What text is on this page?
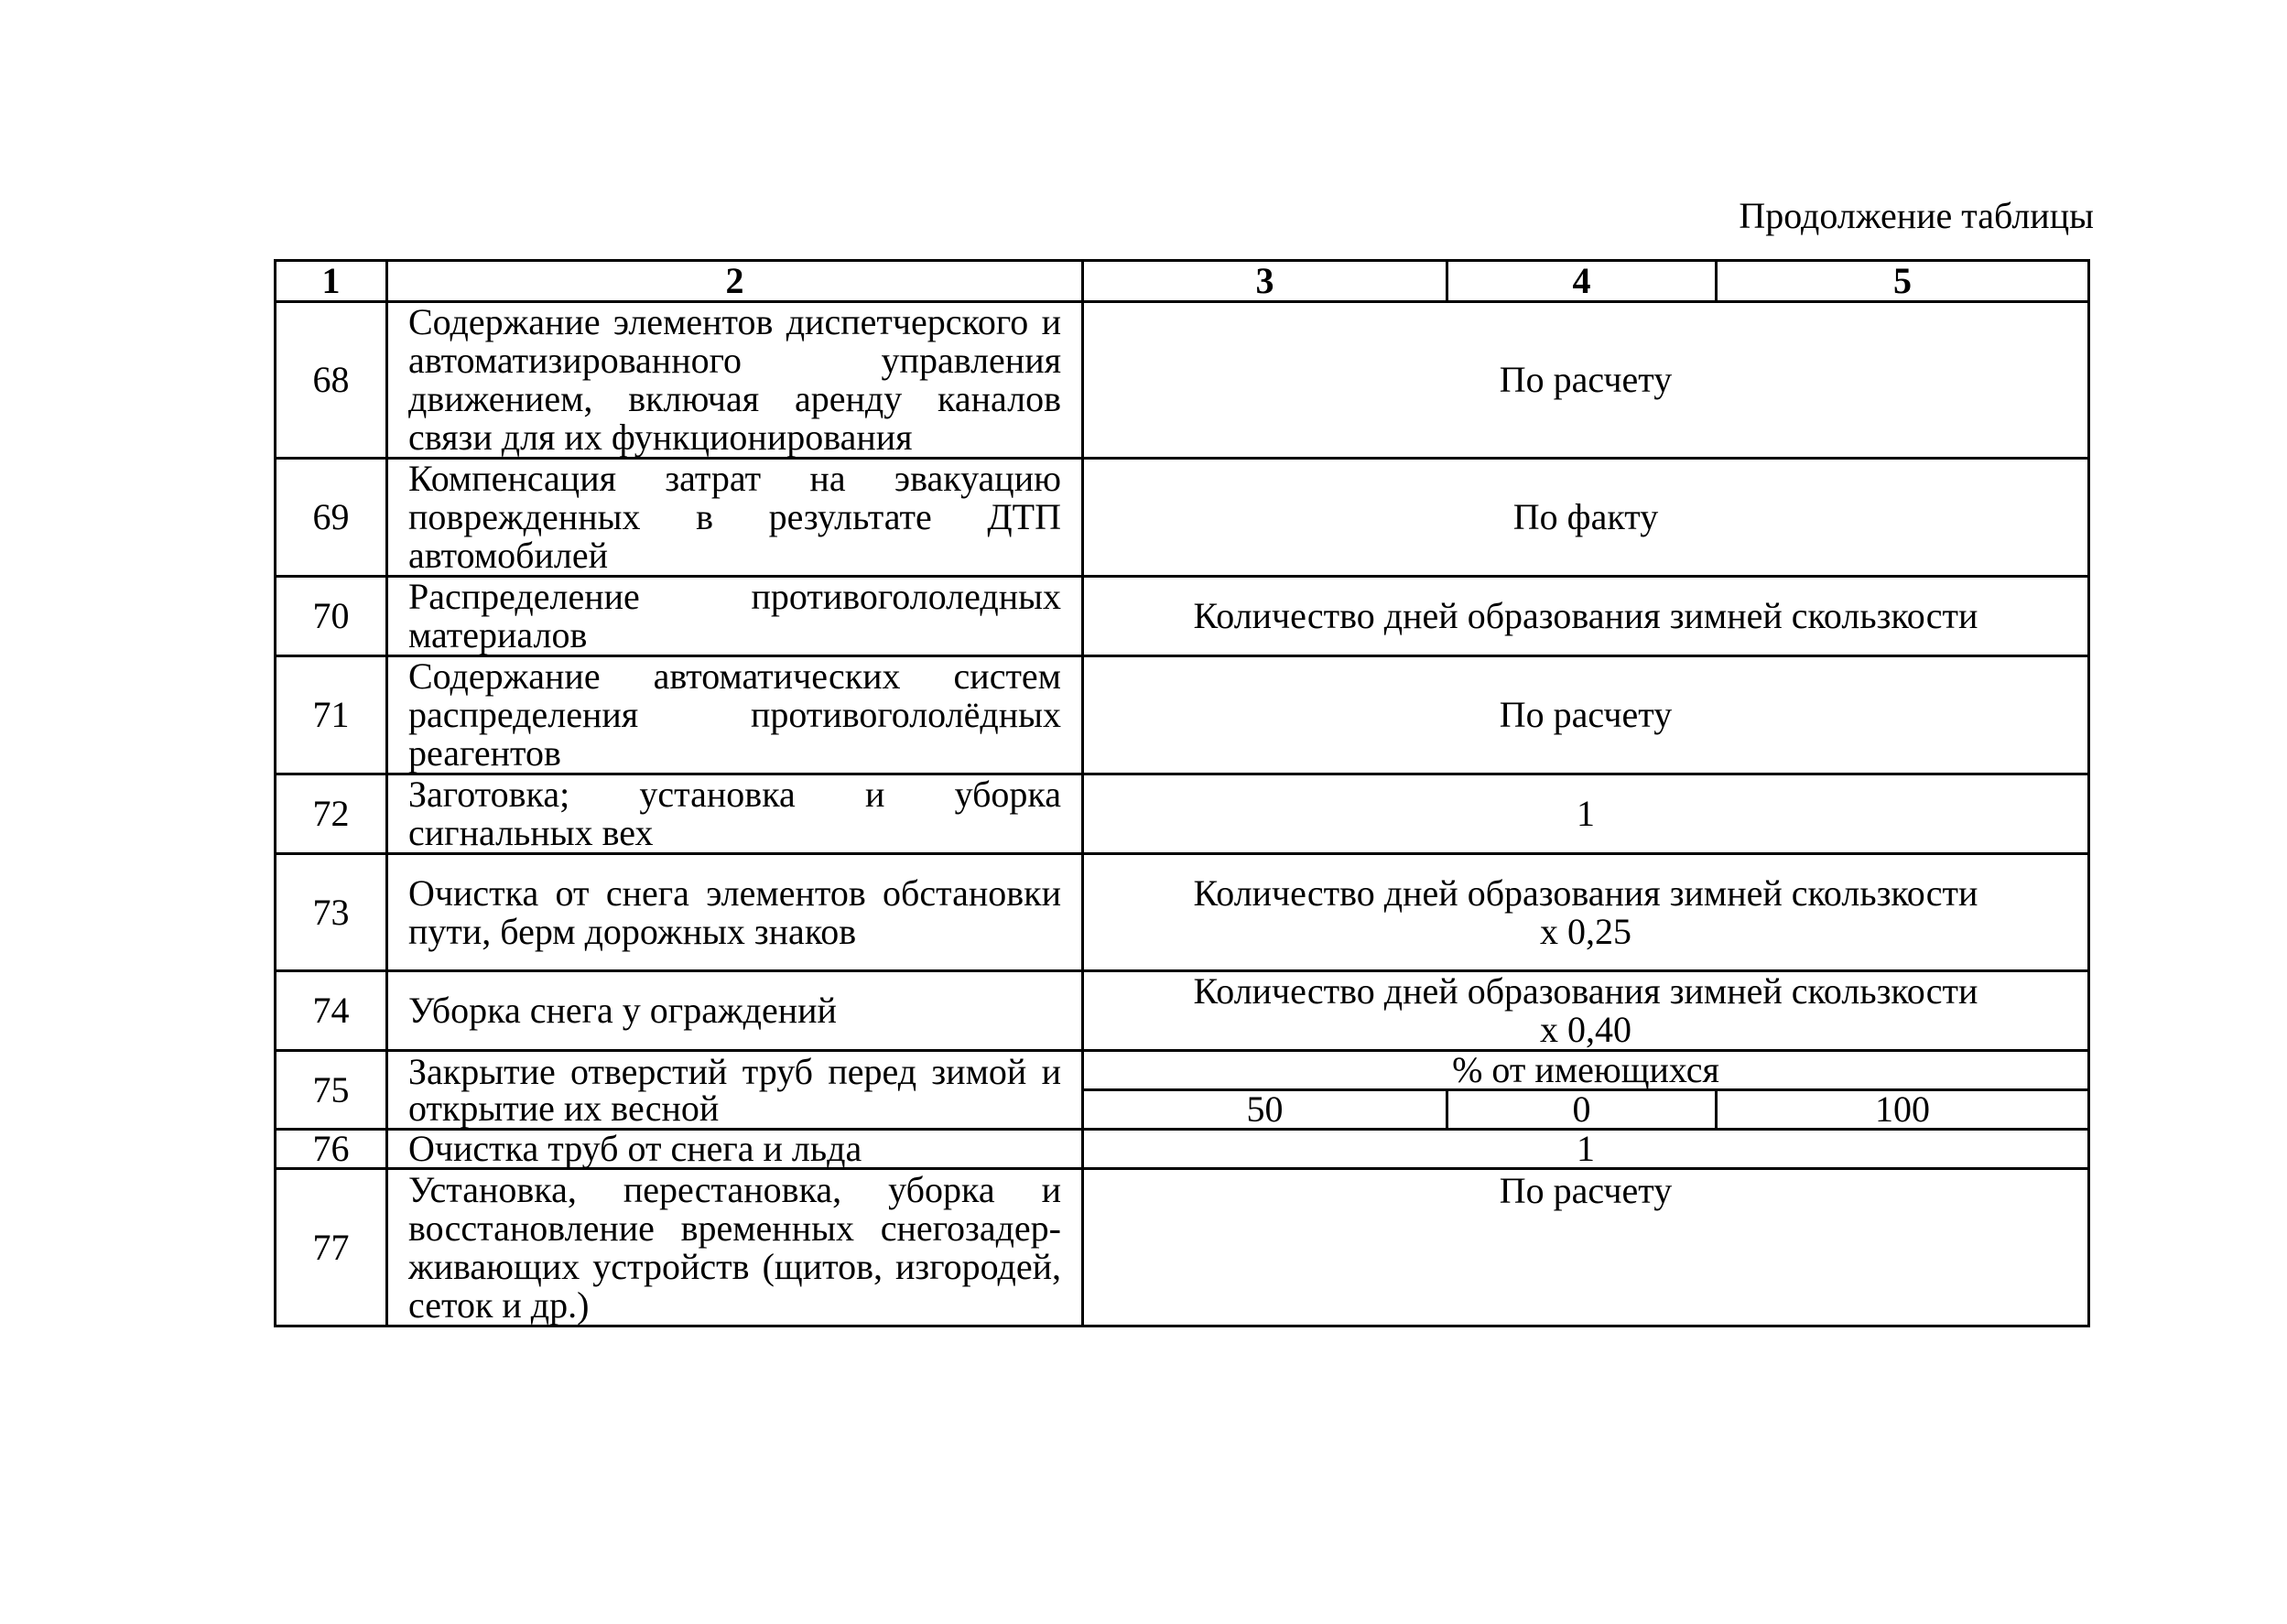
Продолжение таблицы
1	2	3	4	5
68	Содержание элементов диспетчерского и автоматизированного управления движением, включая аренду каналов связи для их функционирования	По расчету		
69	Компенсация затрат на эвакуацию поврежденных в результате ДТП автомобилей	По факту		
70	Распределение противогололедных материалов	Количество дней образования зимней скользкости		
71	Содержание автоматических систем распределения противогололёдных реагентов	По расчету		
72	Заготовка; установка и уборка сигнальных вех	1		
73	Очистка от снега элементов обстановки пути, берм дорожных знаков	Количество дней образования зимней скользкости
х 0,25		

74	Уборка снега у ограждений	Количество дней образования зимней скользкости
х 0,40		

75	Закрытие отверстий труб перед зимой и открытие их весной	% от имеющихся		
		50	0	100
76	Очистка труб от снега и льда	1		
77	Установка, перестановка, уборка и восстановление временных снегозадер-живающих устройств (щитов, изгородей, сеток и др.)	По расчету		
